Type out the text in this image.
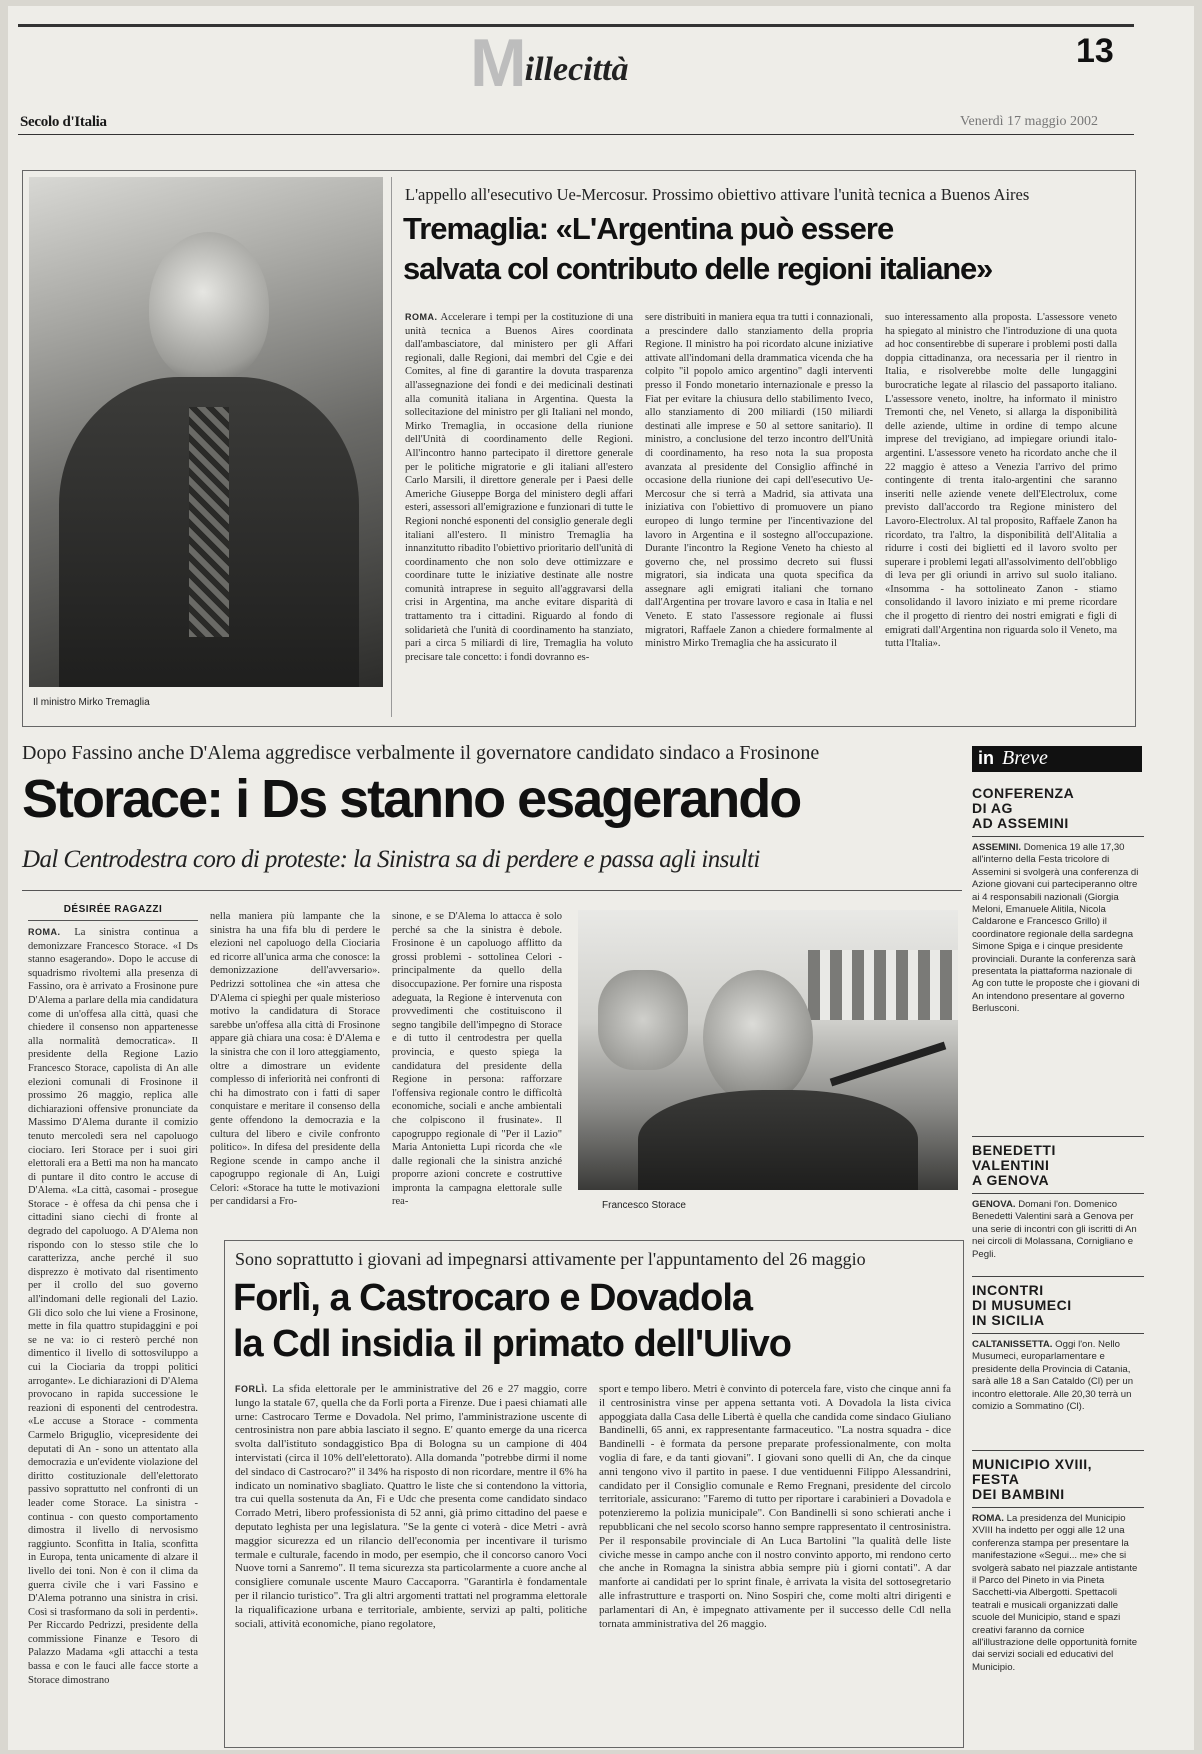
Millecittà	13
Secolo d'Italia	Venerdì 17 maggio 2002
Il ministro Mirko Tremaglia
L'appello all'esecutivo Ue-Mercosur. Prossimo obiettivo attivare l'unità tecnica a Buenos Aires
Tremaglia: «L'Argentina può essere
salvata col contributo delle regioni italiane»

ROMA. Accelerare i tempi per la costituzione di una unità tecnica a Buenos Aires coordinata dall'ambasciatore, dal ministero per gli Affari regionali, dalle Regioni, dai membri del Cgie e dei Comites, al fine di garantire la dovuta trasparenza all'assegnazione dei fondi e dei medicinali destinati alla comunità italiana in Argentina. Questa la sollecitazione del ministro per gli Italiani nel mondo, Mirko Tremaglia, in occasione della riunione dell'Unità di coordinamento delle Regioni. All'incontro hanno partecipato il direttore generale per le politiche migratorie e gli italiani all'estero Carlo Marsili, il direttore generale per i Paesi delle Americhe Giuseppe Borga del ministero degli affari esteri, assessori all'emigrazione e funzionari di tutte le Regioni nonché esponenti del consiglio generale degli italiani all'estero. Il ministro Tremaglia ha innanzitutto ribadito l'obiettivo prioritario dell'unità di coordinamento che non solo deve ottimizzare e coordinare tutte le iniziative destinate alle nostre comunità intraprese in seguito all'aggravarsi della crisi in Argentina, ma anche evitare disparità di trattamento tra i cittadini. Riguardo al fondo di solidarietà che l'unità di coordinamento ha stanziato, pari a circa 5 miliardi di lire, Tremaglia ha voluto precisare tale concetto: i fondi dovranno es-

sere distribuiti in maniera equa tra tutti i connazionali, a prescindere dallo stanziamento della propria Regione. Il ministro ha poi ricordato alcune iniziative attivate all'indomani della drammatica vicenda che ha colpito "il popolo amico argentino" dagli interventi presso il Fondo monetario internazionale e presso la Fiat per evitare la chiusura dello stabilimento Iveco, allo stanziamento di 200 miliardi (150 miliardi destinati alle imprese e 50 al settore sanitario). Il ministro, a conclusione del terzo incontro dell'Unità di coordinamento, ha reso nota la sua proposta avanzata al presidente del Consiglio affinché in occasione della riunione dei capi dell'esecutivo Ue-Mercosur che si terrà a Madrid, sia attivata una iniziativa con l'obiettivo di promuovere un piano europeo di lungo termine per l'incentivazione del lavoro in Argentina e il sostegno all'occupazione. Durante l'incontro la Regione Veneto ha chiesto al governo che, nel prossimo decreto sui flussi migratori, sia indicata una quota specifica da assegnare agli emigrati italiani che tornano dall'Argentina per trovare lavoro e casa in Italia e nel Veneto. E stato l'assessore regionale ai flussi migratori, Raffaele Zanon a chiedere formalmente al ministro Mirko Tremaglia che ha assicurato il

suo interessamento alla proposta. L'assessore veneto ha spiegato al ministro che l'introduzione di una quota ad hoc consentirebbe di superare i problemi posti dalla doppia cittadinanza, ora necessaria per il rientro in Italia, e risolverebbe molte delle lungaggini burocratiche legate al rilascio del passaporto italiano. L'assessore veneto, inoltre, ha informato il ministro Tremonti che, nel Veneto, si allarga la disponibilità delle aziende, ultime in ordine di tempo alcune imprese del trevigiano, ad impiegare oriundi italo-argentini. L'assessore veneto ha ricordato anche che il 22 maggio è atteso a Venezia l'arrivo del primo contingente di trenta italo-argentini che saranno inseriti nelle aziende venete dell'Electrolux, come previsto dall'accordo tra Regione ministero del Lavoro-Electrolux. Al tal proposito, Raffaele Zanon ha ricordato, tra l'altro, la disponibilità dell'Alitalia a ridurre i costi dei biglietti ed il lavoro svolto per superare i problemi legati all'assolvimento dell'obbligo di leva per gli oriundi in arrivo sul suolo italiano. «Insomma - ha sottolineato Zanon - stiamo consolidando il lavoro iniziato e mi preme ricordare che il progetto di rientro dei nostri emigrati e figli di emigrati dall'Argentina non riguarda solo il Veneto, ma tutta l'Italia».

Dopo Fassino anche D'Alema aggredisce verbalmente il governatore candidato sindaco a Frosinone
Storace: i Ds stanno esagerando
Dal Centrodestra coro di proteste: la Sinistra sa di perdere e passa agli insulti
DÉSIRÉE RAGAZZI

ROMA. La sinistra continua a demonizzare Francesco Storace. «I Ds stanno esagerando». Dopo le accuse di squadrismo rivoltemi alla presenza di Fassino, ora è arrivato a Frosinone pure D'Alema a parlare della mia candidatura come di un'offesa alla città, quasi che chiedere il consenso non appartenesse alla normalità democratica». Il presidente della Regione Lazio Francesco Storace, capolista di An alle elezioni comunali di Frosinone il prossimo 26 maggio, replica alle dichiarazioni offensive pronunciate da Massimo D'Alema durante il comizio tenuto mercoledì sera nel capoluogo ciociaro. Ieri Storace per i suoi giri elettorali era a Bettì ma non ha mancato di puntare il dito contro le accuse di D'Alema. «La città, casomai - prosegue Storace - è offesa da chi pensa che i cittadini siano ciechi di fronte al degrado del capoluogo. A D'Alema non rispondo con lo stesso stile che lo caratterizza, anche perché il suo disprezzo è motivato dal risentimento per il crollo del suo governo all'indomani delle regionali del Lazio. Gli dico solo che lui viene a Frosinone, mette in fila quattro stupidaggini e poi se ne va: io ci resterò perché non dimentico il livello di sottosviluppo a cui la Ciociaria da troppi politici arrogante». Le dichiarazioni di D'Alema provocano in rapida successione le reazioni di esponenti del centrodestra. «Le accuse a Storace - commenta Carmelo Briguglio, vicepresidente dei deputati di An - sono un attentato alla democrazia e un'evidente violazione del diritto costituzionale dell'elettorato passivo soprattutto nel confronti di un leader come Storace. La sinistra - continua - con questo comportamento dimostra il livello di nervosismo raggiunto. Sconfitta in Italia, sconfitta in Europa, tenta unicamente di alzare il livello dei toni. Non è con il clima da guerra civile che i vari Fassino e D'Alema potranno una sinistra in crisi. Così si trasformano da soli in perdenti». Per Riccardo Pedrizzi, presidente della commissione Finanze e Tesoro di Palazzo Madama «gli attacchi a testa bassa e con le fauci alle facce storte a Storace dimostrano

nella maniera più lampante che la sinistra ha una fifa blu di perdere le elezioni nel capoluogo della Ciociaria ed ricorre all'unica arma che conosce: la demonizzazione dell'avversario». Pedrizzi sottolinea che «in attesa che D'Alema ci spieghi per quale misterioso motivo la candidatura di Storace sarebbe un'offesa alla città di Frosinone appare già chiara una cosa: è D'Alema e la sinistra che con il loro atteggiamento, oltre a dimostrare un evidente complesso di inferiorità nei confronti di chi ha dimostrato con i fatti di saper conquistare e meritare il consenso della gente offendono la democrazia e la cultura del libero e civile confronto politico». In difesa del presidente della Regione scende in campo anche il capogruppo regionale di An, Luigi Celori: «Storace ha tutte le motivazioni per candidarsi a Fro-

sinone, e se D'Alema lo attacca è solo perché sa che la sinistra è debole. Frosinone è un capoluogo afflitto da grossi problemi - sottolinea Celori - principalmente da quello della disoccupazione. Per fornire una risposta adeguata, la Regione è intervenuta con provvedimenti che costituiscono il segno tangibile dell'impegno di Storace e di tutto il centrodestra per quella provincia, e questo spiega la candidatura del presidente della Regione in persona: rafforzare l'offensiva regionale contro le difficoltà economiche, sociali e anche ambientali che colpiscono il frusinate». Il capogruppo regionale di "Per il Lazio" Maria Antonietta Lupi ricorda che «le dalle regionali che la sinistra anziché proporre azioni concrete e costruttive impronta la campagna elettorale sulle rea-	Francesco Storace
Sono soprattutto i giovani ad impegnarsi attivamente per l'appuntamento del 26 maggio
Forlì, a Castrocaro e Dovadola
la Cdl insidia il primato dell'Ulivo

FORLÌ. La sfida elettorale per le amministrative del 26 e 27 maggio, corre lungo la statale 67, quella che da Forlì porta a Firenze. Due i paesi chiamati alle urne: Castrocaro Terme e Dovadola. Nel primo, l'amministrazione uscente di centrosinistra non pare abbia lasciato il segno. E' quanto emerge da una ricerca svolta dall'istituto sondaggistico Bpa di Bologna su un campione di 404 intervistati (circa il 10% dell'elettorato). Alla domanda "potrebbe dirmi il nome del sindaco di Castrocaro?" il 34% ha risposto di non ricordare, mentre il 6% ha indicato un nominativo sbagliato. Quattro le liste che si contendono la vittoria, tra cui quella sostenuta da An, Fi e Udc che presenta come candidato sindaco Corrado Metri, libero professionista di 52 anni, già primo cittadino del paese e deputato leghista per una legislatura. "Se la gente ci voterà - dice Metri - avrà maggior sicurezza ed un rilancio dell'economia per incentivare il turismo termale e culturale, facendo in modo, per esempio, che il concorso canoro Voci Nuove torni a Sanremo". Il tema sicurezza sta particolarmente a cuore anche al consigliere comunale uscente Mauro Caccaporra. "Garantirla è fondamentale per il rilancio turistico". Tra gli altri argomenti trattati nel programma elettorale la riqualificazione urbana e territoriale, ambiente, servizi ap palti, politiche sociali, attività economiche, piano regolatore,

sport e tempo libero. Metri è convinto di potercela fare, visto che cinque anni fa il centrosinistra vinse per appena settanta voti. A Dovadola la lista civica appoggiata dalla Casa delle Libertà è quella che candida come sindaco Giuliano Bandinelli, 65 anni, ex rappresentante farmaceutico. "La nostra squadra - dice Bandinelli - è formata da persone preparate professionalmente, con molta voglia di fare, e da tanti giovani". I giovani sono quelli di An, che da cinque anni tengono vivo il partito in paese. I due ventiduenni Filippo Alessandrini, candidato per il Consiglio comunale e Remo Fregnani, presidente del circolo territoriale, assicurano: "Faremo di tutto per riportare i carabinieri a Dovadola e potenzieremo la polizia municipale". Con Bandinelli si sono schierati anche i repubblicani che nel secolo scorso hanno sempre rappresentato il centrosinistra. Per il responsabile provinciale di An Luca Bartolini "la qualità delle liste civiche messe in campo anche con il nostro convinto apporto, mi rendono certo che anche in Romagna la sinistra abbia sempre più i giorni contati". A dar manforte ai candidati per lo sprint finale, è arrivata la visita del sottosegretario alle infrastrutture e trasporti on. Nino Sospiri che, come molti altri dirigenti e parlamentari di An, è impegnato attivamente per il successo delle Cdl nella tornata amministrativa del 26 maggio.

in Breve
CONFERENZA
DI AG
AD ASSEMINI
ASSEMINI. Domenica 19 alle 17,30 all'interno della Festa tricolore di Assemini si svolgerà una conferenza di Azione giovani cui parteciperanno oltre ai 4 responsabili nazionali (Giorgia Meloni, Emanuele Alitila, Nicola Caldarone e Francesco Grillo) il coordinatore regionale della sardegna Simone Spiga e i cinque presidente provinciali. Durante la conferenza sarà presentata la piattaforma nazionale di Ag con tutte le proposte che i giovani di An intendono presentare al governo Berlusconi.
BENEDETTI
VALENTINI
A GENOVA
GENOVA. Domani l'on. Domenico Benedetti Valentini sarà a Genova per una serie di incontri con gli iscritti di An nei circoli di Molassana, Cornigliano e Pegli.
INCONTRI
DI MUSUMECI
IN SICILIA
CALTANISSETTA. Oggi l'on. Nello Musumeci, europarlamentare e presidente della Provincia di Catania, sarà alle 18 a San Cataldo (Cl) per un incontro elettorale. Alle 20,30 terrà un comizio a Sommatino (Cl).
MUNICIPIO XVIII,
FESTA
DEI BAMBINI
ROMA. La presidenza del Municipio XVIII ha indetto per oggi alle 12 una conferenza stampa per presentare la manifestazione «Segui... me» che si svolgerà sabato nel piazzale antistante il Parco del Pineto in via Pineta Sacchetti-via Albergotti. Spettacoli teatrali e musicali organizzati dalle scuole del Municipio, stand e spazi creativi faranno da cornice all'illustrazione delle opportunità fornite dai servizi sociali ed educativi del Municipio.
